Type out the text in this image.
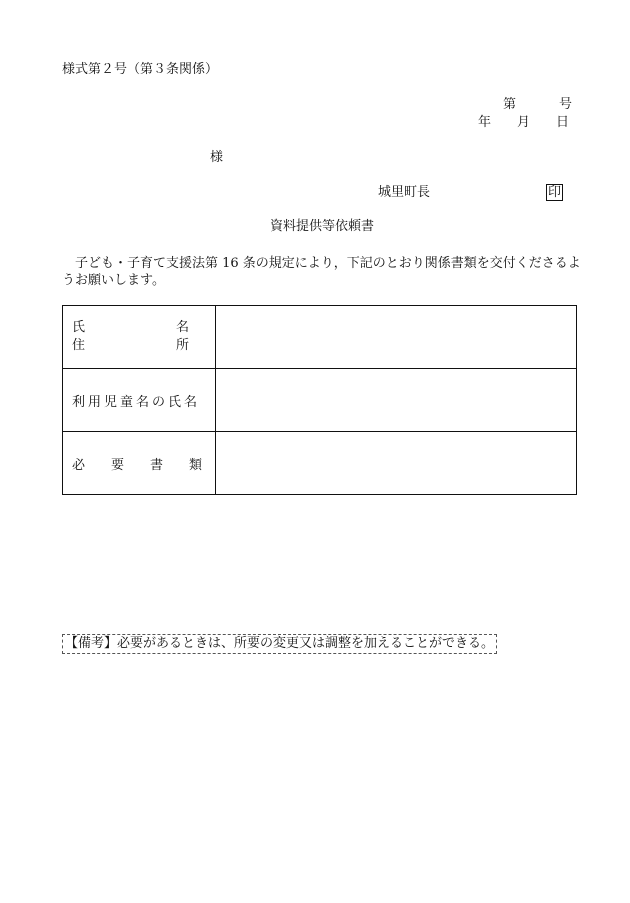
様式第２号（第３条関係）
第	号
年 月 日
様
城里町長	印
資料提供等依頼書
子ども・子育て支援法第 16 条の規定により，下記のとおり関係書類を交付くださるようお願いします。
氏　　　　　　　名
住　　　　　　　所	

利用児童名の氏名	

必　　要　　書　　類	

【備考】必要があるときは、所要の変更又は調整を加えることができる。
